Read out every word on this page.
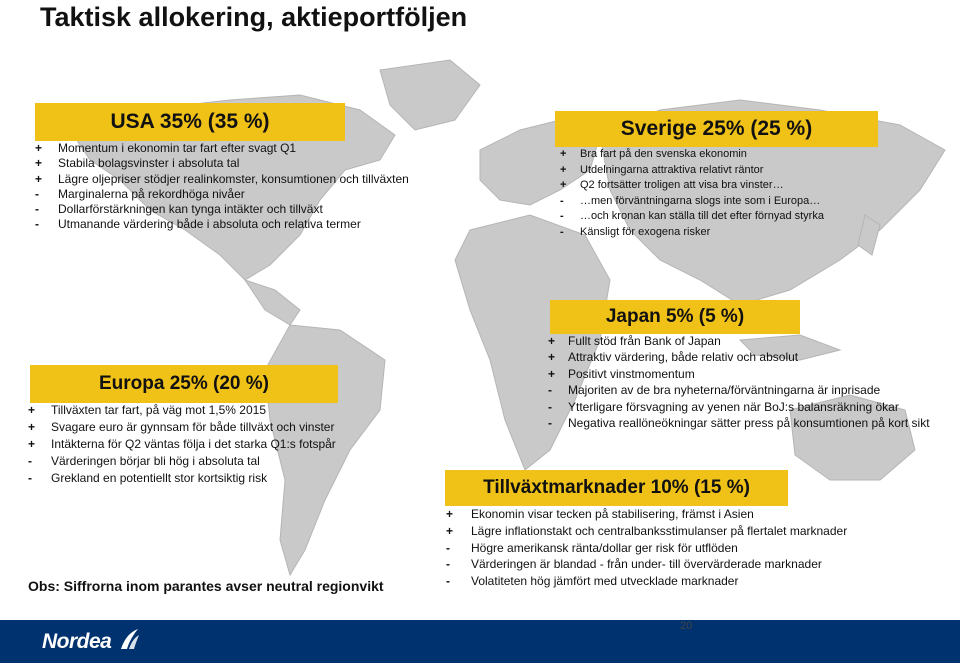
Taktisk allokering, aktieportföljen
USA 35% (35 %)
+ Momentum i ekonomin tar fart efter svagt Q1
+ Stabila bolagsvinster i absoluta tal
+ Lägre oljepriser stödjer realinkomster, konsumtionen och tillväxten
- Marginalerna på rekordhöga nivåer
- Dollarförstärkningen kan tynga intäkter och tillväxt
- Utmanande värdering både i absoluta och relativa termer
Sverige 25% (25 %)
+ Bra fart på den svenska ekonomin
+ Utdelningarna attraktiva relativt räntor
+ Q2 fortsätter troligen att visa bra vinster…
- …men förväntningarna slogs inte som i Europa…
- …och kronan kan ställa till det efter förnyad styrka
- Känsligt för exogena risker
Japan 5% (5 %)
+ Fullt stöd från Bank of Japan
+ Attraktiv värdering, både relativ och absolut
+ Positivt vinstmomentum
- Majoriten av de bra nyheterna/förväntningarna är inprisade
- Ytterligare försvagning av yenen när BoJ:s balansräkning ökar
- Negativa reallöneökningar sätter press på konsumtionen på kort sikt
Europa 25% (20 %)
+ Tillväxten tar fart, på väg mot 1,5% 2015
+ Svagare euro är gynnsam för både tillväxt och vinster
+ Intäkterna för Q2 väntas följa i det starka Q1:s fotspår
- Värderingen börjar bli hög i absoluta tal
- Grekland en potentiellt stor kortsiktig risk	Tillväxtmarknader 10% (15 %)
+ Ekonomin visar tecken på stabilisering, främst i Asien
+ Lägre inflationstakt och centralbanksstimulanser på flertalet marknader
- Högre amerikansk ränta/dollar ger risk för utflöden
- Värderingen är blandad - från under- till övervärderade marknader
- Volatiteten hög jämfört med utvecklade marknader
Obs: Siffrorna inom parantes avser neutral regionvikt
Nordea
20
